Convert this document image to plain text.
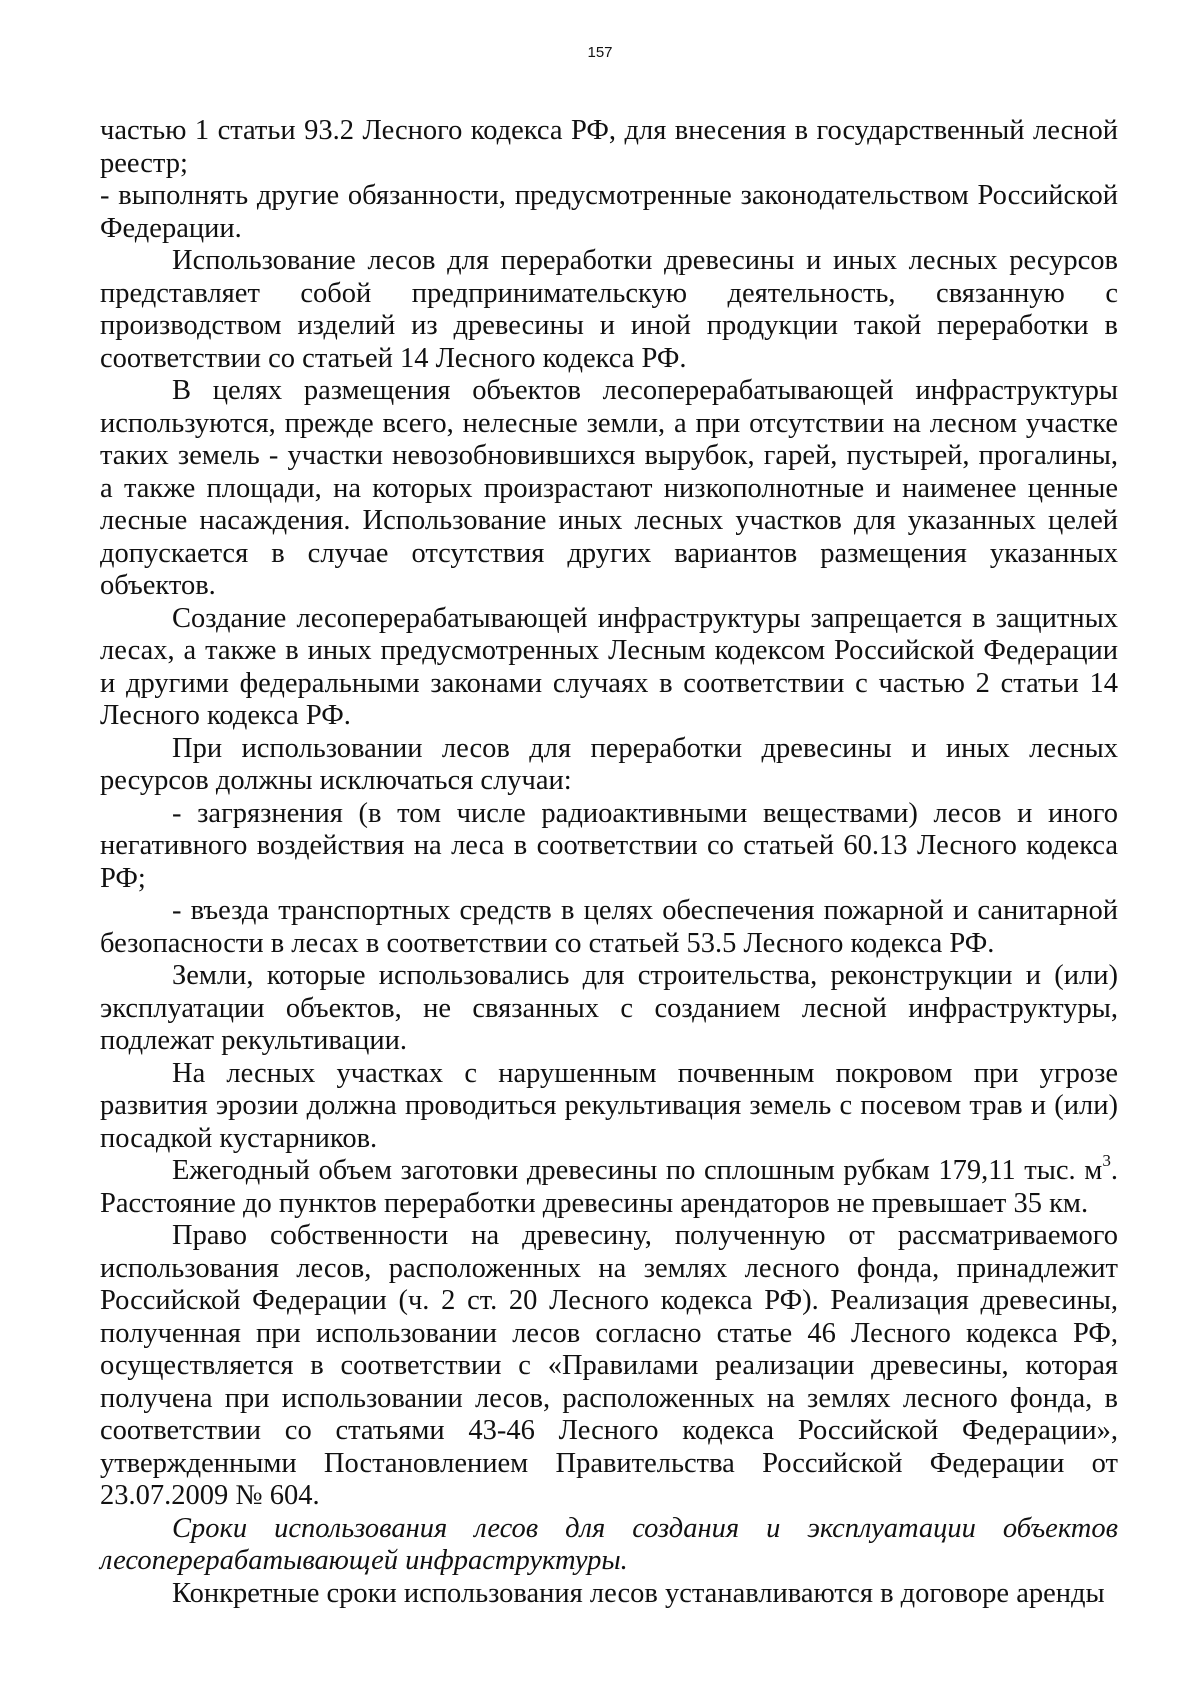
157

частью 1 статьи 93.2 Лесного кодекса РФ, для внесения в государственный лесной реестр;

- выполнять другие обязанности, предусмотренные законодательством Российской Федерации.

Использование лесов для переработки древесины и иных лесных ресурсов представляет собой предпринимательскую деятельность, связанную с производством изделий из древесины и иной продукции такой переработки в соответствии со статьей 14 Лесного кодекса РФ.

В целях размещения объектов лесоперерабатывающей инфраструктуры используются, прежде всего, нелесные земли, а при отсутствии на лесном участке таких земель - участки невозобновившихся вырубок, гарей, пустырей, прогалины, а также площади, на которых произрастают низкополнотные и наименее ценные лесные насаждения. Использование иных лесных участков для указанных целей допускается в случае отсутствия других вариантов размещения указанных объектов.

Создание лесоперерабатывающей инфраструктуры запрещается в защитных лесах, а также в иных предусмотренных Лесным кодексом Российской Федерации и другими федеральными законами случаях в соответствии с частью 2 статьи 14 Лесного кодекса РФ.

При использовании лесов для переработки древесины и иных лесных ресурсов должны исключаться случаи:

- загрязнения (в том числе радиоактивными веществами) лесов и иного негативного воздействия на леса в соответствии со статьей 60.13 Лесного кодекса РФ;

- въезда транспортных средств в целях обеспечения пожарной и санитарной безопасности в лесах в соответствии со статьей 53.5 Лесного кодекса РФ.

Земли, которые использовались для строительства, реконструкции и (или) эксплуатации объектов, не связанных с созданием лесной инфраструктуры, подлежат рекультивации.

На лесных участках с нарушенным почвенным покровом при угрозе развития эрозии должна проводиться рекультивация земель с посевом трав и (или) посадкой кустарников.

Ежегодный объем заготовки древесины по сплошным рубкам 179,11 тыс. $м^3$. Расстояние до пунктов переработки древесины арендаторов не превышает 35 км.

Право собственности на древесину, полученную от рассматриваемого использования лесов, расположенных на землях лесного фонда, принадлежит Российской Федерации (ч. 2 ст. 20 Лесного кодекса РФ). Реализация древесины, полученная при использовании лесов согласно статье 46 Лесного кодекса РФ, осуществляется в соответствии с «Правилами реализации древесины, которая получена при использовании лесов, расположенных на землях лесного фонда, в соответствии со статьями 43-46 Лесного кодекса Российской Федерации», утвержденными Постановлением Правительства Российской Федерации от 23.07.2009 № 604.

Сроки использования лесов для создания и эксплуатации объектов лесоперерабатывающей инфраструктуры.

Конкретные сроки использования лесов устанавливаются в договоре аренды
